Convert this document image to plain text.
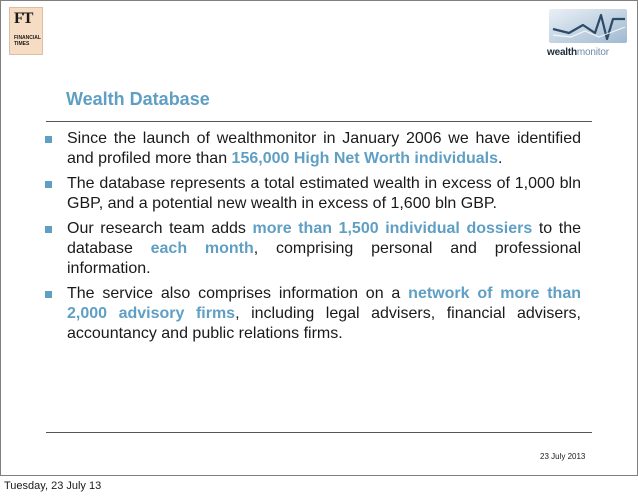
FT
FINANCIAL
TIMES
wealthmonitor
Wealth Database
Since the launch of wealthmonitor in January 2006 we have identified and profiled more than 156,000 High Net Worth individuals.
The database represents a total estimated wealth in excess of 1,000 bln GBP, and a potential new wealth in excess of 1,600 bln GBP.
Our research team adds more than 1,500 individual dossiers to the database each month, comprising personal and professional information.
The service also comprises information on a network of more than 2,000 advisory firms, including legal advisers, financial advisers, accountancy and public relations firms.
23 July 2013
Tuesday, 23 July 13
